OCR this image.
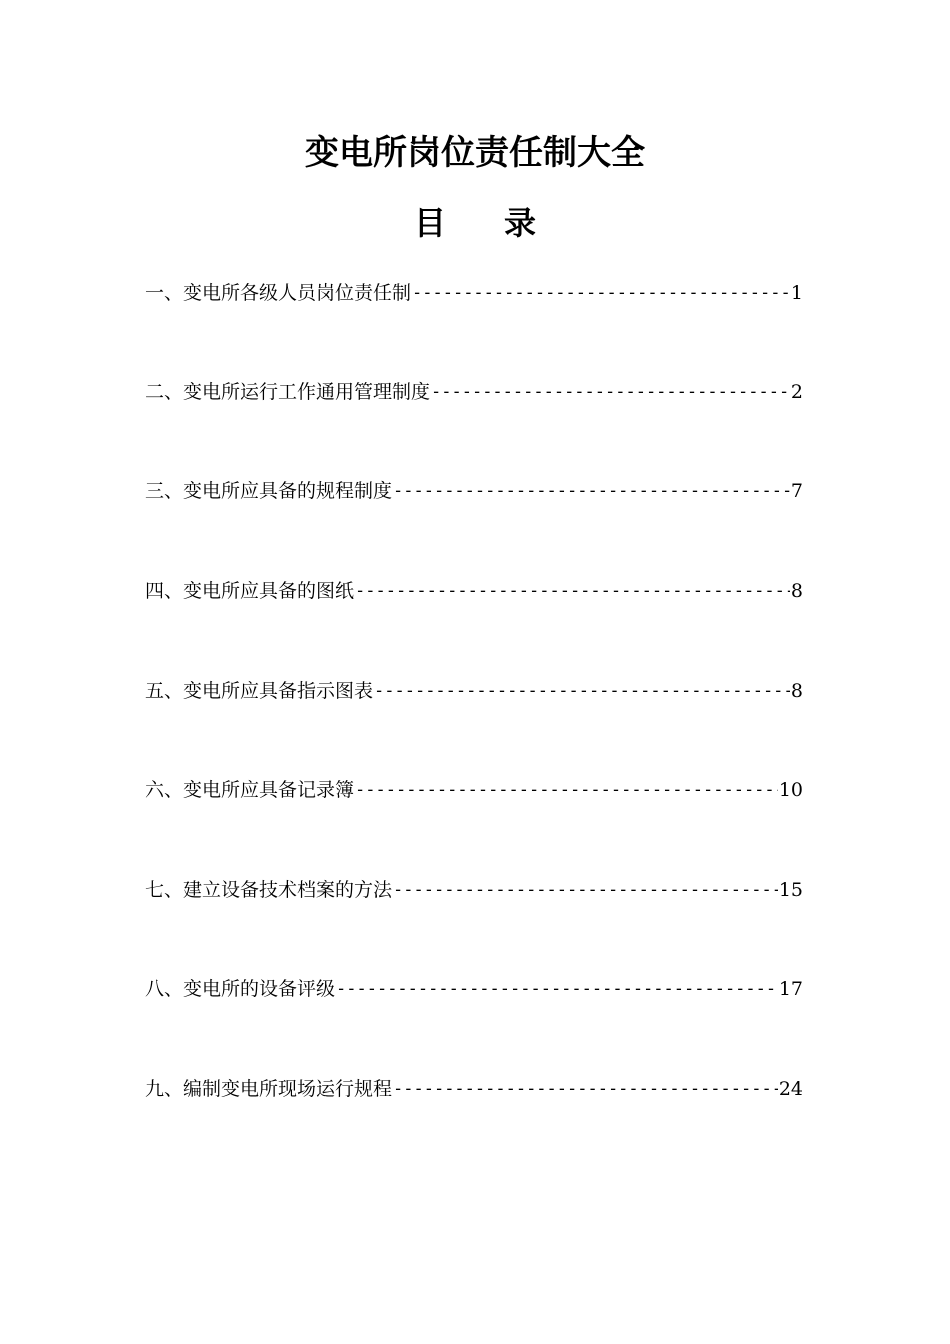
变电所岗位责任制大全
目 录
一、变电所各级人员岗位责任制 -----	1
二、变电所运行工作通用管理制度 -----	2
三、变电所应具备的规程制度 -----	7
四、变电所应具备的图纸 -----	8
五、变电所应具备指示图表 -----	8
六、变电所应具备记录簿 -----	10
七、建立设备技术档案的方法 -----	15
八、变电所的设备评级 -----	17
九、编制变电所现场运行规程 -----	24
